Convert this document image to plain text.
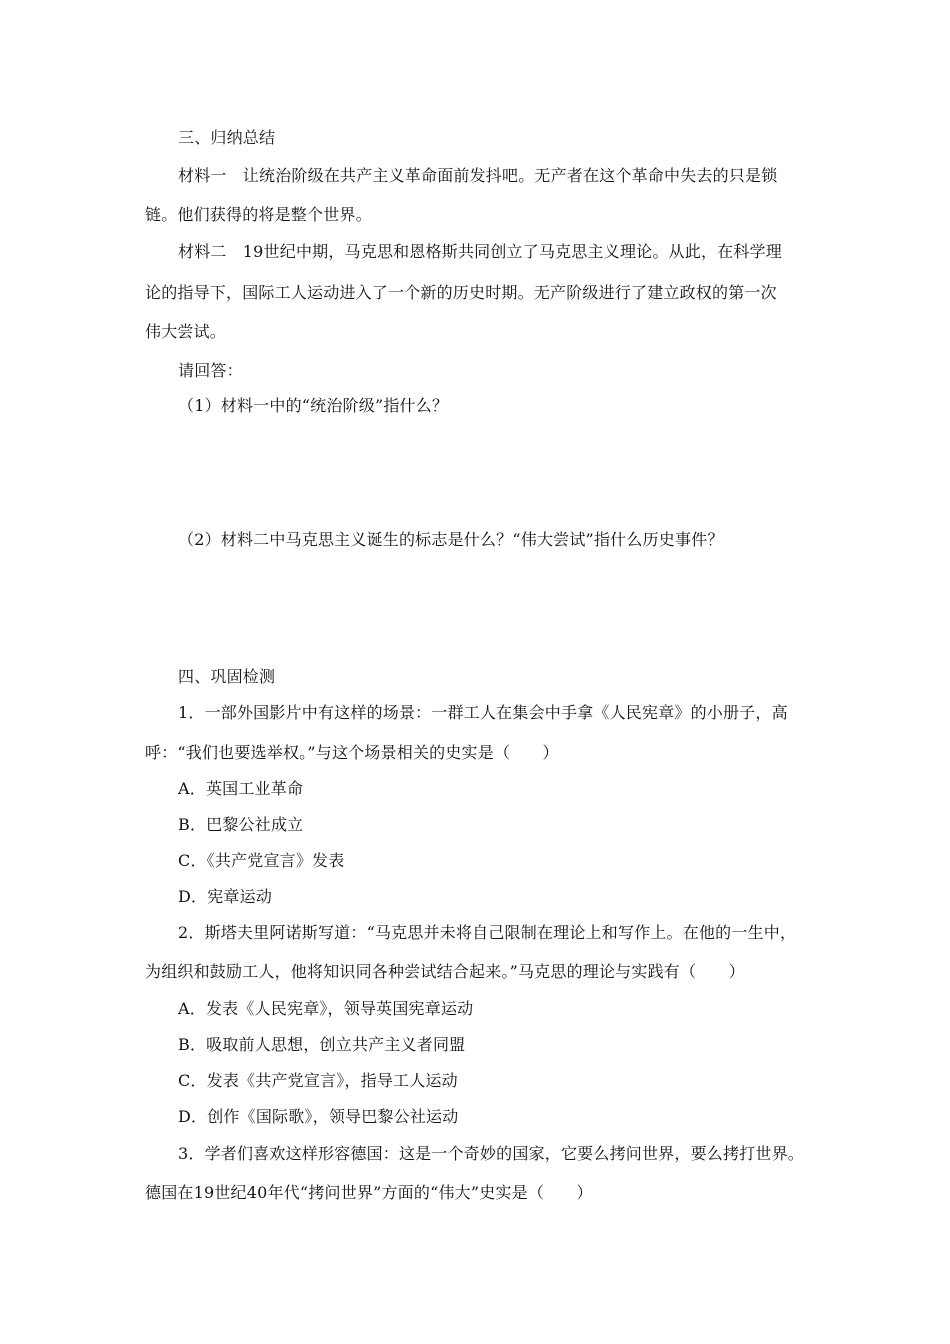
三、归纳总结
材料一　让统治阶级在共产主义革命面前发抖吧。无产者在这个革命中失去的只是锁
链。他们获得的将是整个世界。
材料二　19世纪中期，马克思和恩格斯共同创立了马克思主义理论。从此，在科学理
论的指导下，国际工人运动进入了一个新的历史时期。无产阶级进行了建立政权的第一次
伟大尝试。
请回答：
（1）材料一中的“统治阶级”指什么？
（2）材料二中马克思主义诞生的标志是什么？“伟大尝试”指什么历史事件？
四、巩固检测
1．一部外国影片中有这样的场景：一群工人在集会中手拿《人民宪章》的小册子，高
呼：“我们也要选举权。”与这个场景相关的史实是（　　）
A．英国工业革命
B．巴黎公社成立
C．《共产党宣言》发表
D．宪章运动
2．斯塔夫里阿诺斯写道：“马克思并未将自己限制在理论上和写作上。在他的一生中，
为组织和鼓励工人，他将知识同各种尝试结合起来。”马克思的理论与实践有（　　）
A．发表《人民宪章》，领导英国宪章运动
B．吸取前人思想，创立共产主义者同盟
C．发表《共产党宣言》，指导工人运动
D．创作《国际歌》，领导巴黎公社运动
3．学者们喜欢这样形容德国：这是一个奇妙的国家，它要么拷问世界，要么拷打世界。
德国在19世纪40年代“拷问世界”方面的“伟大”史实是（　　）
